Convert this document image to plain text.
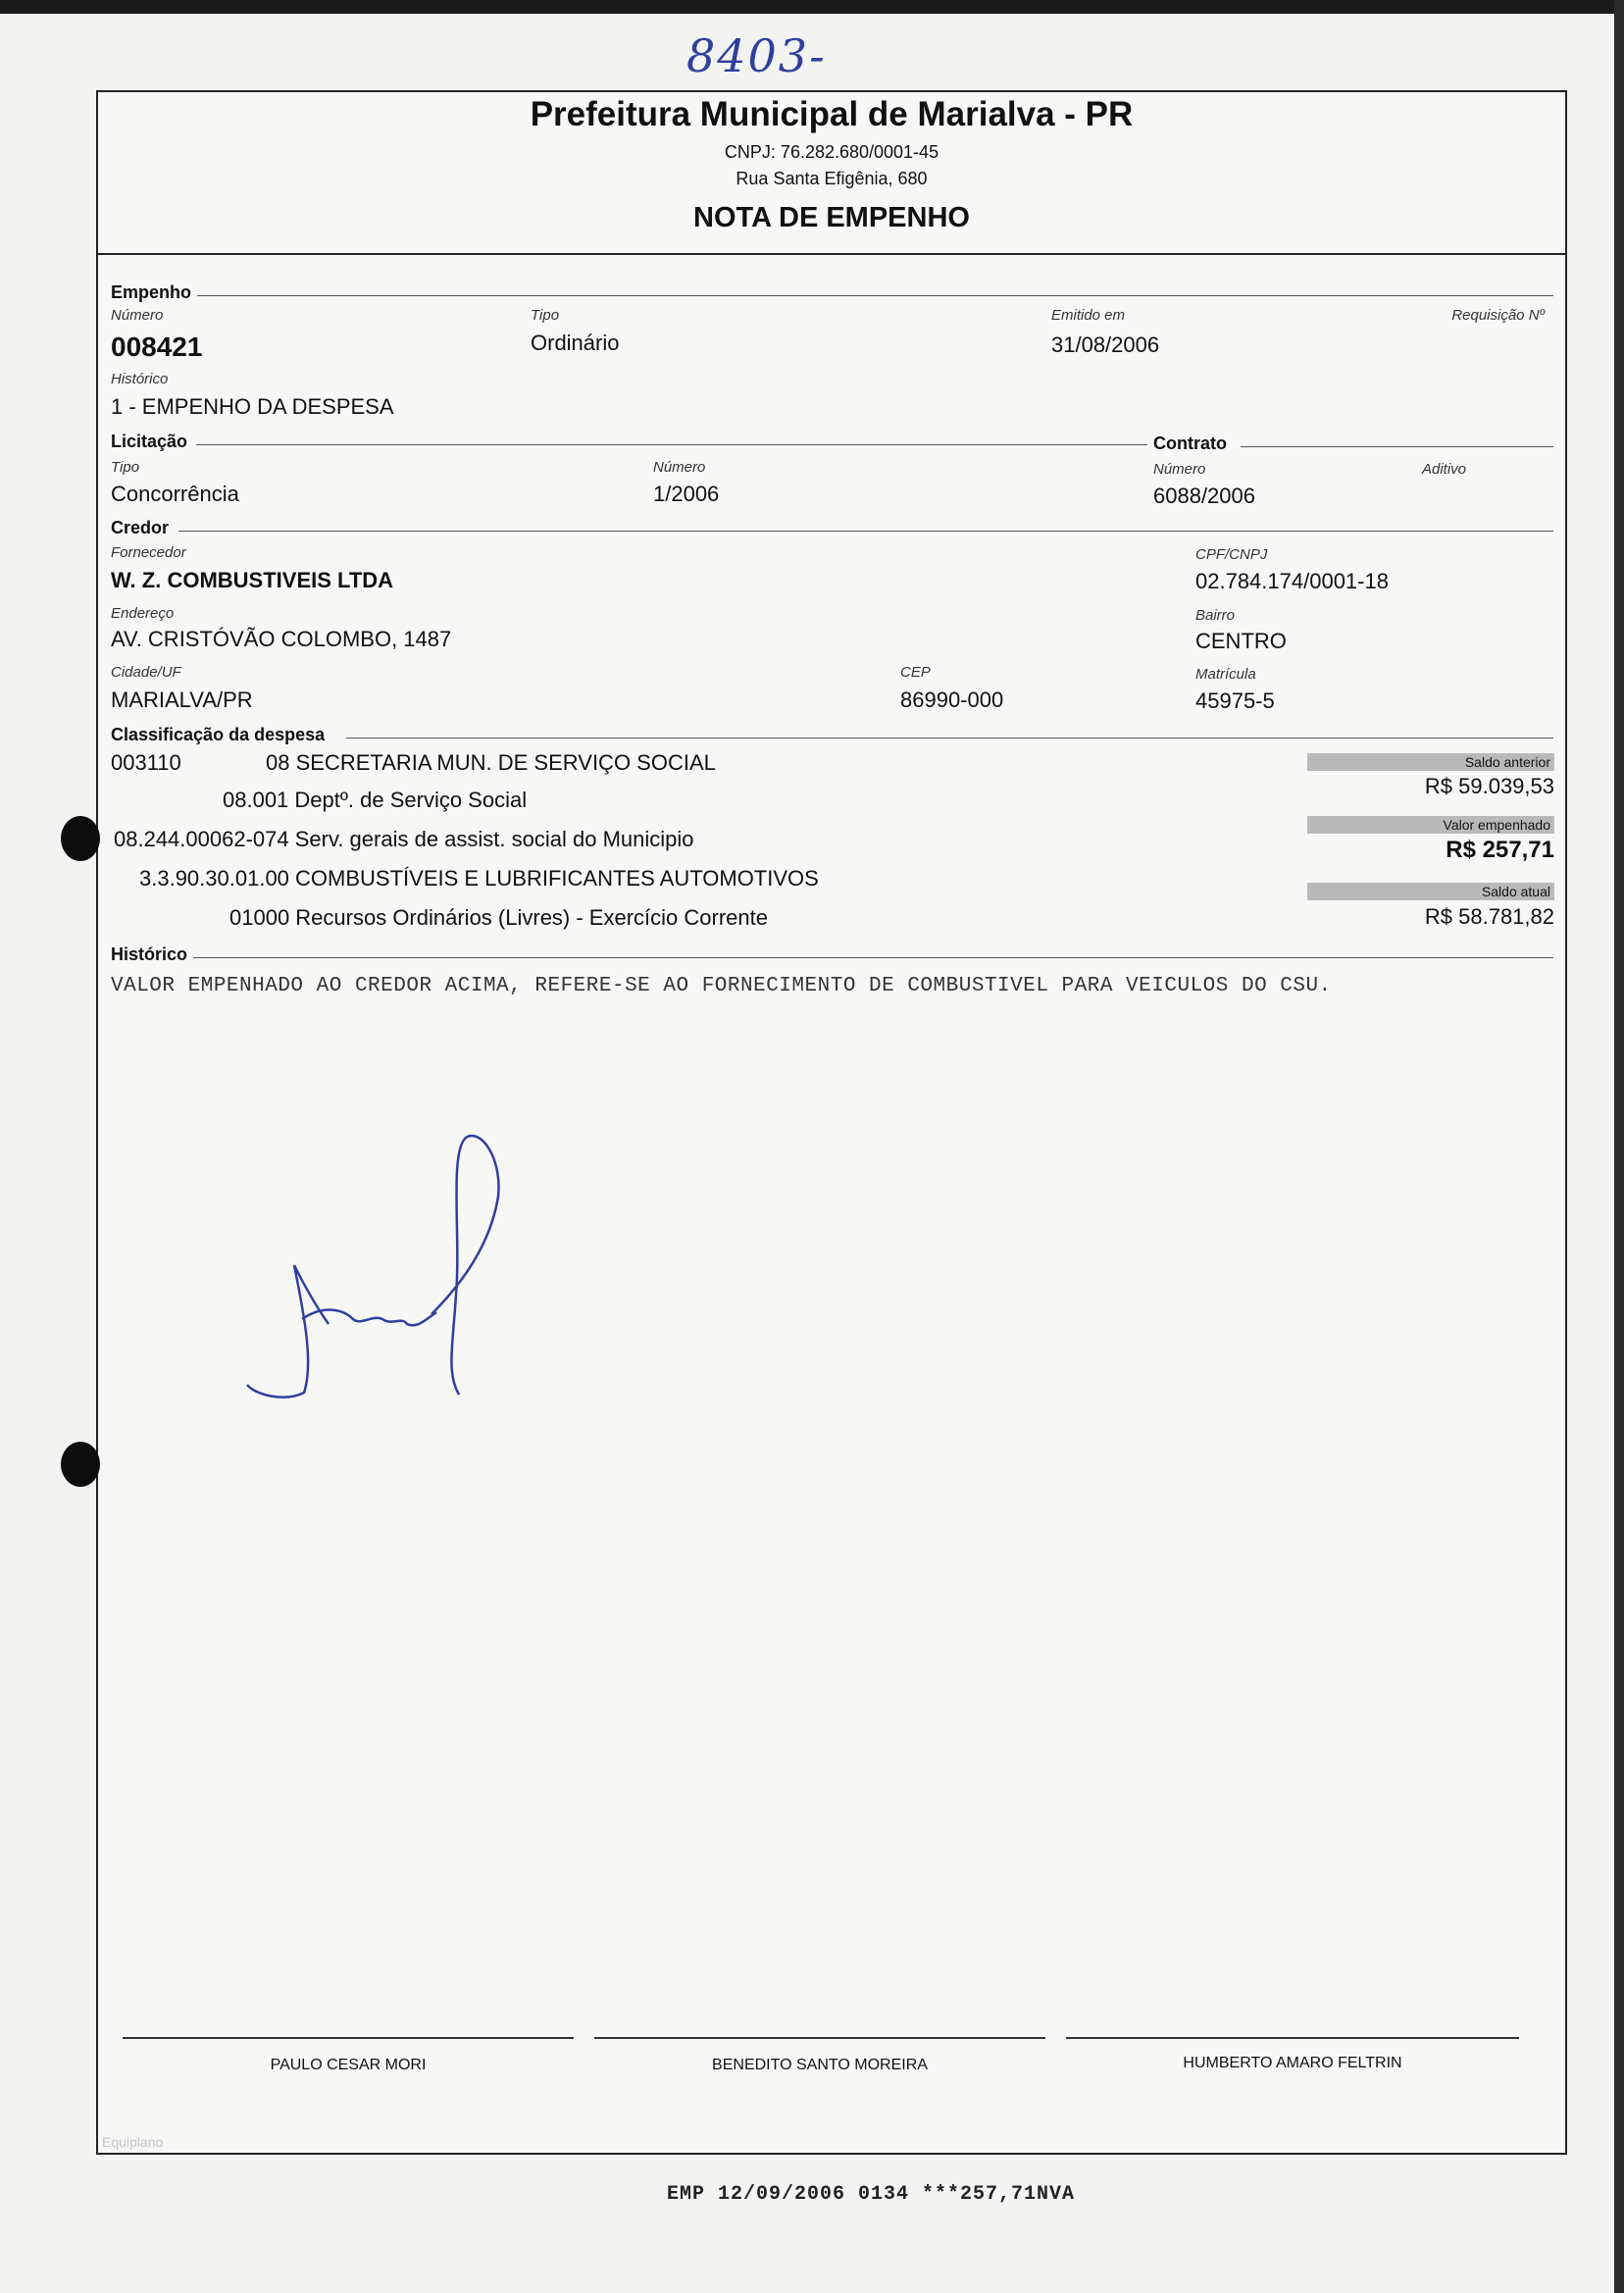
8403-
Prefeitura Municipal de Marialva - PR
CNPJ: 76.282.680/0001-45
Rua Santa Efigênia, 680
NOTA DE EMPENHO
Empenho
Número
008421
Tipo
Ordinário
Emitido em
31/08/2006
Requisição Nº
Histórico
1 - EMPENHO DA DESPESA
Licitação	Contrato
Tipo
Concorrência
Número
1/2006
Número
6088/2006
Aditivo
Credor
Fornecedor
W. Z. COMBUSTIVEIS LTDA
CPF/CNPJ
02.784.174/0001-18
Endereço
AV. CRISTÓVÃO COLOMBO, 1487
Bairro
CENTRO
Cidade/UF
MARIALVA/PR
CEP
86990-000
Matrícula
45975-5
Classificação da despesa
003110	08 SECRETARIA MUN. DE SERVIÇO SOCIAL
08.001 Deptº. de Serviço Social
08.244.00062-074 Serv. gerais de assist. social do Municipio
3.3.90.30.01.00 COMBUSTÍVEIS E LUBRIFICANTES AUTOMOTIVOS
01000 Recursos Ordinários (Livres) - Exercício Corrente
Saldo anterior
R$ 59.039,53
Valor empenhado
R$ 257,71
Saldo atual
R$ 58.781,82
Histórico
VALOR EMPENHADO AO CREDOR ACIMA, REFERE-SE AO FORNECIMENTO DE COMBUSTIVEL PARA VEICULOS DO CSU.
PAULO CESAR MORI	BENEDITO SANTO MOREIRA	HUMBERTO AMARO FELTRIN
Equiplano
EMP 12/09/2006 0134 ***257,71NVA
